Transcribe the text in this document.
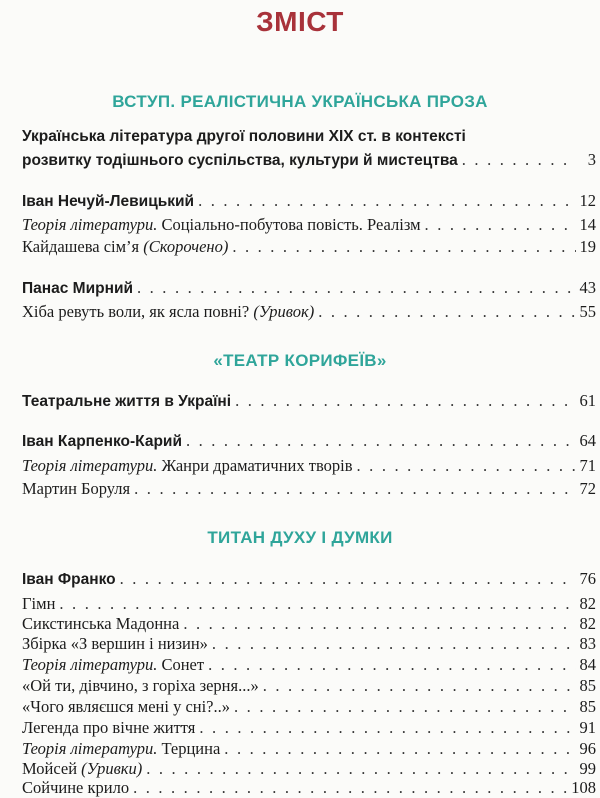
ЗМІСТ
ВСТУП. РЕАЛІСТИЧНА УКРАЇНСЬКА ПРОЗА
Українська література другої половини XIX ст. в контексті
розвитку тодішнього суспільства, культури й мистецтва . . .	3
Іван Нечуй-Левицький . . .	12
Теорія літератури. Соціально-побутова повість. Реалізм . . .	14
Кайдашева сім’я (Скорочено) . . .	19
Панас Мирний . . .	43
Хіба ревуть воли, як ясла повні? (Уривок) . . .	55
«ТЕАТР КОРИФЕЇВ»
Театральне життя в Україні . . .	61
Іван Карпенко-Карий . . .	64
Теорія літератури. Жанри драматичних творів . . .	71
Мартин Боруля . . .	72
ТИТАН ДУХУ І ДУМКИ
Іван Франко . . .	76
Гімн . . .	82
Сикстинська Мадонна . . .	82
Збірка «З вершин і низин» . . .	83
Теорія літератури. Сонет . . .	84
«Ой ти, дівчино, з горіха зерня...» . . .	85
«Чого являєшся мені у сні?..» . . .	85
Легенда про вічне життя . . .	91
Теорія літератури. Терцина . . .	96
Мойсей (Уривки) . . .	99
Сойчине крило . . .	108
